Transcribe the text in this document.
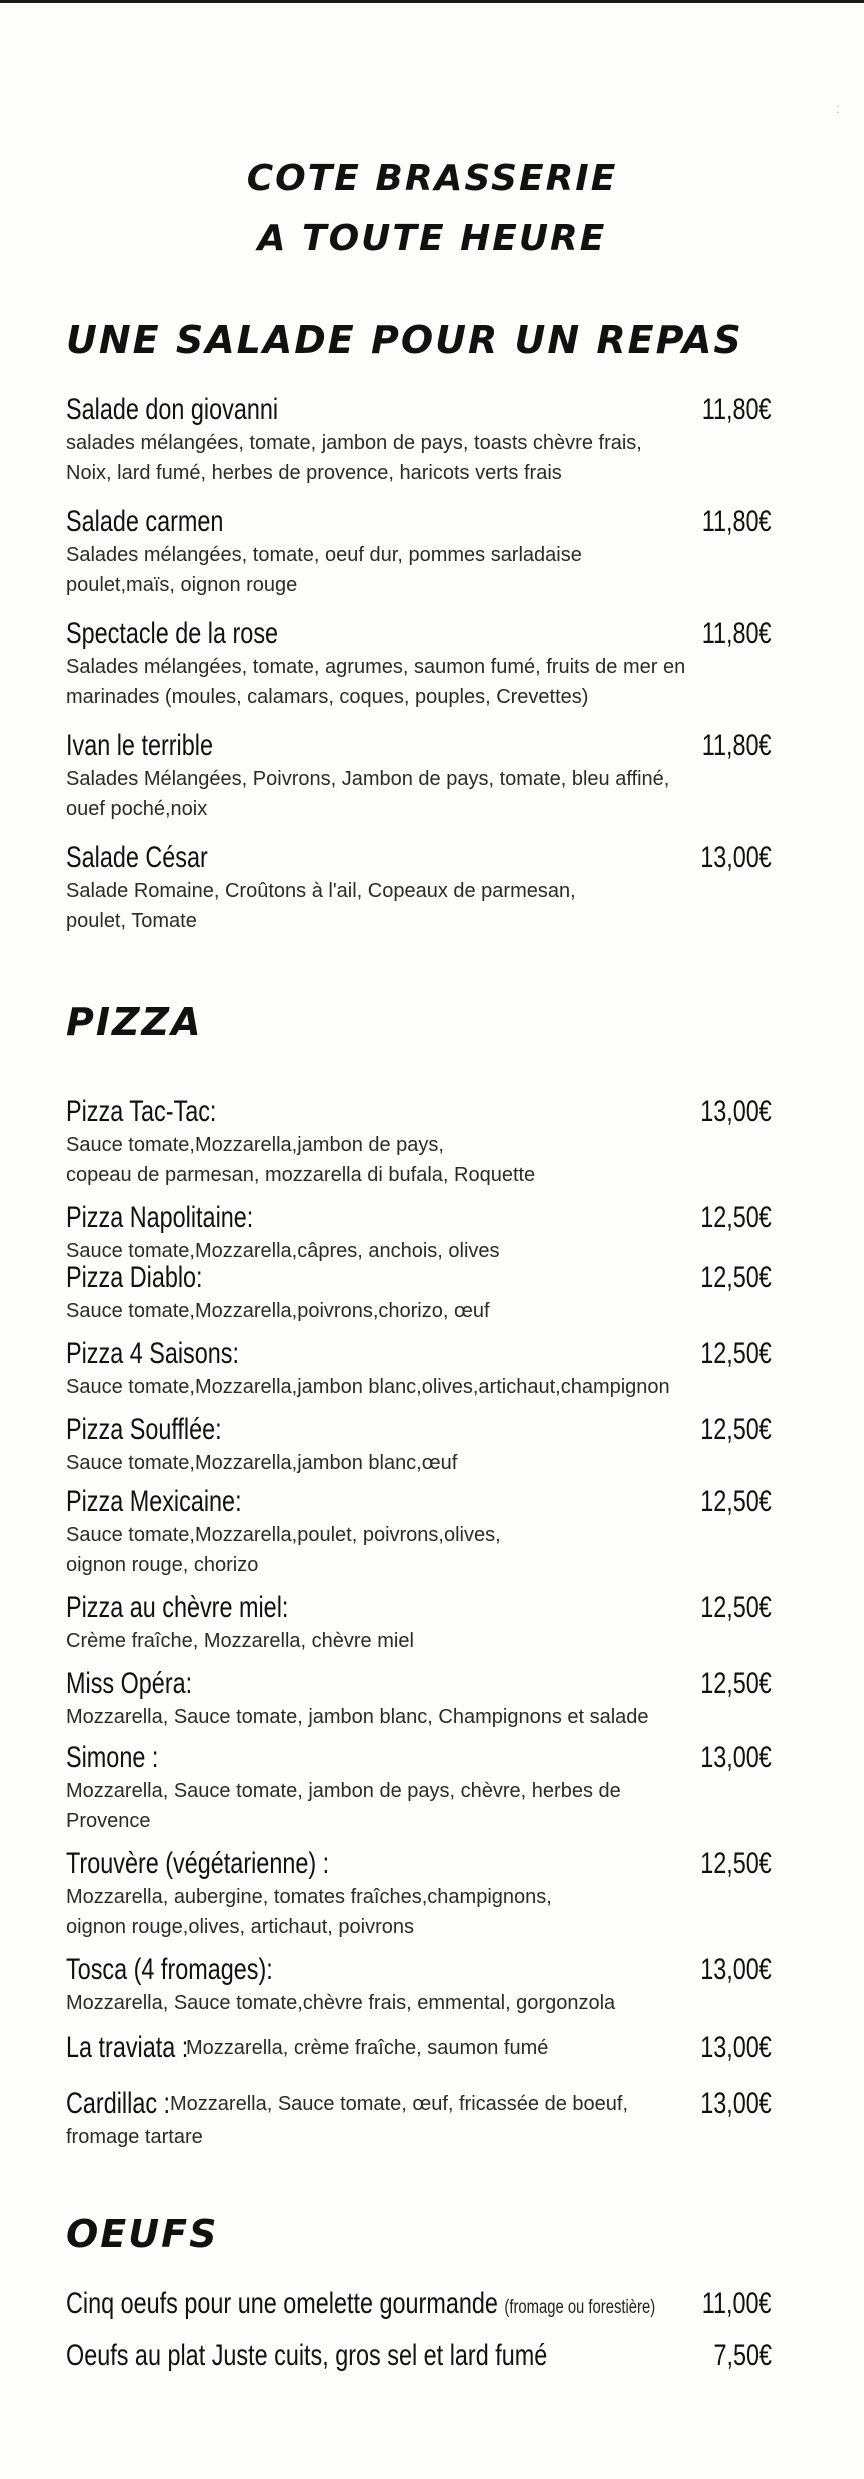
:
COTE BRASSERIE
A TOUTE HEURE
UNE SALADE POUR UN REPAS
Salade don giovanni	11,80€
salades mélangées, tomate, jambon de pays, toasts chèvre frais,
Noix, lard fumé, herbes de provence, haricots verts frais
Salade carmen	11,80€
Salades mélangées, tomate, oeuf dur, pommes sarladaise
poulet,maïs, oignon rouge
Spectacle de la rose	11,80€
Salades mélangées, tomate, agrumes, saumon fumé, fruits de mer en
marinades (moules, calamars, coques, pouples, Crevettes)
Ivan le terrible	11,80€
Salades Mélangées, Poivrons, Jambon de pays, tomate, bleu affiné,
ouef poché,noix
Salade César	13,00€
Salade Romaine, Croûtons à l'ail, Copeaux de parmesan,
poulet, Tomate
PIZZA
Pizza Tac-Tac:	13,00€
Sauce tomate,Mozzarella,jambon de pays,
copeau de parmesan, mozzarella di bufala, Roquette
Pizza Napolitaine:	12,50€
Sauce tomate,Mozzarella,câpres, anchois, olives
Pizza Diablo:	12,50€
Sauce tomate,Mozzarella,poivrons,chorizo, œuf
Pizza 4 Saisons:	12,50€
Sauce tomate,Mozzarella,jambon blanc,olives,artichaut,champignon
Pizza Soufflée:	12,50€
Sauce tomate,Mozzarella,jambon blanc,œuf
Pizza Mexicaine:	12,50€
Sauce tomate,Mozzarella,poulet, poivrons,olives,
oignon rouge, chorizo
Pizza au chèvre miel:	12,50€
Crème fraîche, Mozzarella, chèvre miel
Miss Opéra:	12,50€
Mozzarella, Sauce tomate, jambon blanc, Champignons et salade
Simone :	13,00€
Mozzarella, Sauce tomate, jambon de pays, chèvre, herbes de
Provence
Trouvère (végétarienne) :	12,50€
Mozzarella, aubergine, tomates fraîches,champignons,
oignon rouge,olives, artichaut, poivrons
Tosca (4 fromages):	13,00€
Mozzarella, Sauce tomate,chèvre frais, emmental, gorgonzola
La traviata :
Mozzarella, crème fraîche, saumon fumé	13,00€
Cardillac : Mozzarella, Sauce tomate, œuf, fricassée de boeuf, 13,00€
fromage tartare
OEUFS
Cinq oeufs pour une omelette gourmande (fromage ou forestière) 11,00€
Oeufs au plat Juste cuits, gros sel et lard fumé	7,50€
